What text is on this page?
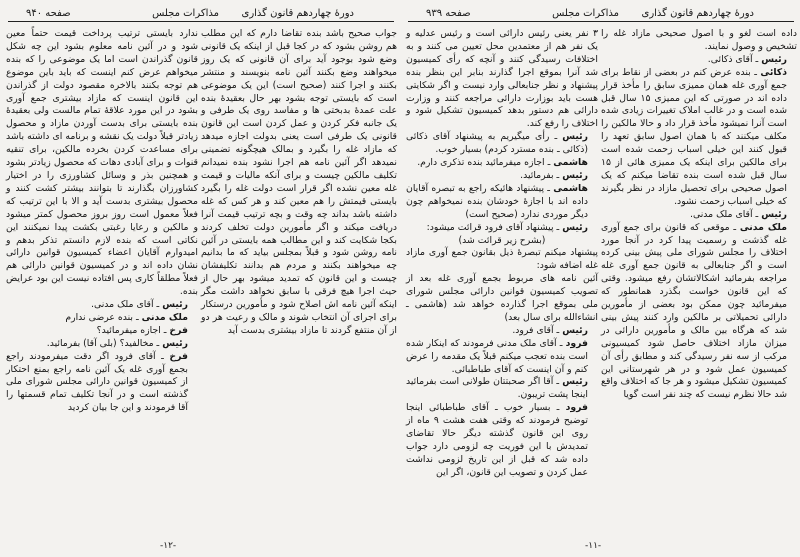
دورهٔ چهاردهم قانون گذاری
مذاکرات مجلس
صفحه ۹۴۰

جواب صحیح باشد بنده تقاضا دارم که این مطلب هم روشن بشود که در کجا قبل از اینکه یک قانونی وضع شود بوجود آید برای آن قانونی که یک روز میخواهند وضع بکنند آئین نامه بنویسند و منتشر بکنند و اجرا کنند (صحیح است) این یک موضوعی است که بایستی توجه بشود بهر حال بعقیدهٔ بنده علت عمدهٔ بدبختی ها و مفاسد روی یک طرفی و یک جانبه فکر کردن و عمل کردن است این قانون قانونی یک طرفی است یعنی بدولت اجازه میدهد که مازاد غله را بگیرد و بمالک هیچگونه تضمینی نمیدهد اگر آئین نامه هم اجرا نشود بنده نمیدانم تکلیف مالکین چیست و برای آنکه مالیات و قیمت غله معین نشده اگر قرار است دولت غله را بگیرد بایستی قیمتش را هم معین کند و هر کس که غله داشته باشد بداند چه وقت و بچه ترتیب قیمت آنرا دریافت میکند و اگر مأمورین دولت تخلف کردند بکجا شکایت کند و این مطالب همه بایستی در آئین نامه روشن شود و قبلاً بمجلس بیاید که ما بدانیم چه میخواهند بکنند و مردم هم بدانند تکلیفشان چیست و این قانون که تمدید میشود بهر حال از حیث اجرا هیچ فرقی با سابق نخواهد داشت مگر اینکه آئین نامه اش اصلاح شود و مأمورین درستکار برای اجرای آن انتخاب شوند و مالک و رعیت هر دو از آن منتفع گردند تا مازاد بیشتری بدست آید

ندارد بایستی ترتیب پرداخت قیمت حتماً معین شود و در آئین نامه معلوم بشود این چه شکل قانون گذراندن است اما یک موضوعی را که بنده میخواهم عرض کنم اینست که باید باین موضوع هم توجه بکنند بالاخره مقصود دولت از گذراندن این قانون اینست که مازاد بیشتری جمع آوری بشود در این مورد علاقهٔ تمام مالست ولی بعقیدهٔ بنده بایستی برای بدست آوردن مازاد و محصول زیادتر قبلاً دولت یک نقشه و برنامه ای داشته باشد برای مساعدت کردن بخرده مالکین، برای تنقیه قنوات و برای آبادی دهات که محصول زیادتر بشود و همچنین بذر و وسائل کشاورزی را در اختیار کشاورزان بگذارند تا بتوانند بیشتر کشت کنند و محصول بیشتری بدست آید و الا با این ترتیب که فعلاً معمول است روز بروز محصول کمتر میشود و مالکین و رعایا رغبتی بکشت پیدا نمیکنند این نکاتی است که بنده لازم دانستم تذکر بدهم و امیدوارم آقایان اعضاء کمیسیون قوانین دارائی نشان داده اند و در کمیسیون قوانین دارائی هم فعلاً مطلقاً کاری پس افتاده نیست این بود عرایض بنده.

رئیس ـ آقای ملک مدنی.

ملک مدنی ـ بنده عرضی ندارم

فرخ ـ اجازه میفرمائید؟

رئیس ـ مخالفید؟ (بلی آقا) بفرمائید.

فرخ ـ آقای فرود اگر دقت میفرمودند راجع بجمع آوری غله یک آئین نامه راجع بمنع احتکار از کمیسیون قوانین دارائی مجلس شورای ملی گذشته است و در آنجا تکلیف تمام قسمتها را آقا فرمودند و این جا بیان کردید

-۱۲-
دورهٔ چهاردهم قانون گذاری
مذاکرات مجلس
صفحه ۹۳۹

داده است لغو و با اصول صحیحی مازاد غله را تشخیص و وصول نمایند.

رئیس ـ آقای ذکائی.

ذکائی ـ بنده عرض کنم در بعضی از نقاط برای جمع آوری غله همان ممیزی سابق را مأخذ قرار داده اند در صورتی که این ممیزی ۱۵ سال قبل شده است و در غالب املاک تغییرات زیادی شده است آنرا نمیشود مأخذ قرار داد و حالا مالکین را مکلف میکنند که با همان اصول سابق تعهد را قبول کنند این خیلی اسباب زحمت شده است برای مالکین برای اینکه یک ممیزی هائی از ۱۵ سال قبل شده است بنده تقاضا میکنم که یک اصول صحیحی برای تحصیل مازاد در نظر بگیرند که خیلی اسباب زحمت نشود.

رئیس ـ آقای ملک مدنی.

ملک مدنی ـ موقعی که قانون برای جمع آوری غله گذشت و رسمیت پیدا کرد در آنجا مورد اختلاف را مجلس شورای ملی پیش بینی کرده است و اگر جنابعالی به قانون جمع آوری غله مراجعه بفرمائید اشکالاتشان رفع میشود. وقتی که این قانون خواست بگذرد همانطور که میفرمائید چون ممکن بود بعضی از مأمورین دارائی تحمیلاتی بر مالکین وارد کنند پیش بینی شد که هرگاه بین مالک و مأمورین دارائی در میزان مازاد اختلاف حاصل شود کمیسیونی مرکب از سه نفر رسیدگی کند و مطابق رأی آن کمیسیون عمل شود و در هر شهرستانی این کمیسیون تشکیل میشود و هر جا که اختلاف واقع شد حالا نظرم نیست که چند نفر است گویا

۳ نفر یعنی رئیس دارائی است و رئیس عدلیه و یک نفر هم از معتمدین محل تعیین می کنند و به اختلافات رسیدگی کنند و آنچه که رأی کمیسیون شد آنرا بموقع اجرا گذارند بنابر این بنظر بنده پیشنهاد و نظر جنابعالی وارد نیست و اگر شکایتی هست باید بوزارت دارائی مراجعه کنند و وزارت دارائی هم دستور بدهد کمیسیون تشکیل شود و اختلاف را رفع کند.

رئیس ـ رأی میگیریم به پیشنهاد آقای ذکائی (ذکائی ـ بنده مسترد کردم) بسیار خوب.

هاشمی ـ اجازه میفرمائید بنده تذکری دارم.

رئیس ـ بفرمائید.

هاشمی ـ پیشنهاد هائیکه راجع به تبصره آقایان داده اند با اجازهٔ خودشان بنده نمیخواهم چون دیگر موردی ندارد (صحیح است)

رئیس ـ پیشنهاد آقای فرود قرائت میشود:

(بشرح زیر قرائت شد)

پیشنهاد میکنم تبصرهٔ ذیل بقانون جمع آوری مازاد غله اضافه شود:

آئین نامه های مربوط بجمع آوری غله بعد از تصویب کمیسیون قوانین دارائی مجلس شورای ملی بموقع اجرا گذارده خواهد شد (هاشمی ـ انشاءالله برای سال بعد)

رئیس ـ آقای فرود.

فرود ـ آقای ملک مدنی فرمودند که اینکار شده است بنده تعجب میکنم قبلاً یک مقدمه را عرض کنم و آن اینست که آقای طباطبائی.

رئیس ـ آقا اگر صحبتتان طولانی است بفرمائید اینجا پشت تریبون.

فرود ـ بسیار خوب ـ آقای طباطبائی اینجا توضیح فرمودند که وقتی هفت هشت ۹ ماه از روی این قانون گذشته دیگر حالا تقاضای تمدیدش با این فوریت چه لزومی دارد جواب داده شد که قبل از این تاریخ لزومی نداشت عمل کردن و تصویب این قانون، اگر این

-۱۱-
